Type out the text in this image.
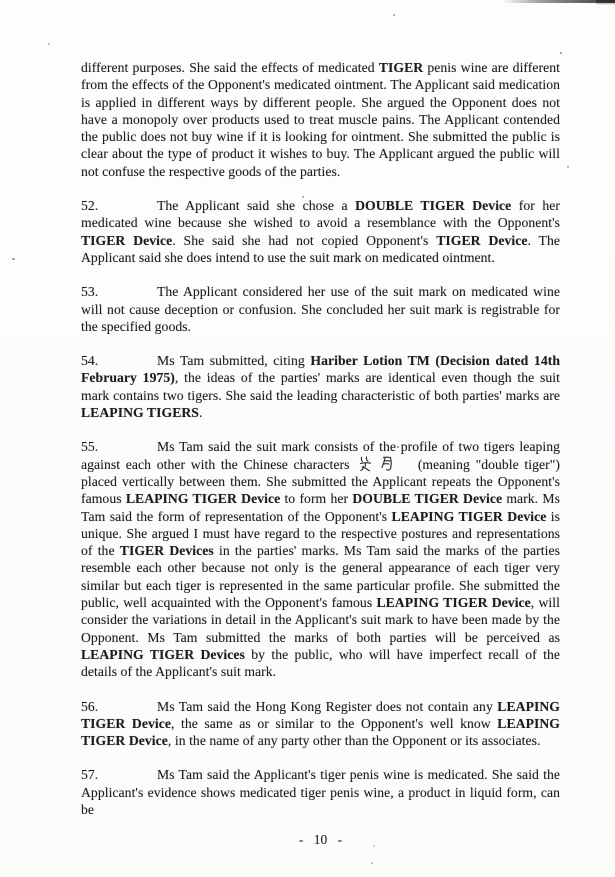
different purposes. She said the effects of medicated TIGER penis wine are different from the effects of the Opponent's medicated ointment. The Applicant said medication is applied in different ways by different people. She argued the Opponent does not have a monopoly over products used to treat muscle pains. The Applicant contended the public does not buy wine if it is looking for ointment. She submitted the public is clear about the type of product it wishes to buy. The Applicant argued the public will not confuse the respective goods of the parties.

52.	The Applicant said she chose a DOUBLE TIGER Device for her medicated wine because she wished to avoid a resemblance with the Opponent's TIGER Device. She said she had not copied Opponent's TIGER Device. The Applicant said she does intend to use the suit mark on medicated ointment.

53.	The Applicant considered her use of the suit mark on medicated wine will not cause deception or confusion. She concluded her suit mark is registrable for the specified goods.

54.	Ms Tam submitted, citing Hariber Lotion TM (Decision dated 14th February 1975), the ideas of the parties' marks are identical even though the suit mark contains two tigers. She said the leading characteristic of both parties' marks are LEAPING TIGERS.

55.	Ms Tam said the suit mark consists of the profile of two tigers leaping against each other with the Chinese characters	(meaning "double tiger") placed vertically between them. She submitted the Applicant repeats the Opponent's famous LEAPING TIGER Device to form her DOUBLE TIGER Device mark. Ms Tam said the form of representation of the Opponent's LEAPING TIGER Device is unique. She argued I must have regard to the respective postures and representations of the TIGER Devices in the parties' marks. Ms Tam said the marks of the parties resemble each other because not only is the general appearance of each tiger very similar but each tiger is represented in the same particular profile. She submitted the public, well acquainted with the Opponent's famous LEAPING TIGER Device, will consider the variations in detail in the Applicant's suit mark to have been made by the Opponent. Ms Tam submitted the marks of both parties will be perceived as LEAPING TIGER Devices by the public, who will have imperfect recall of the details of the Applicant's suit mark.

56.	Ms Tam said the Hong Kong Register does not contain any LEAPING TIGER Device, the same as or similar to the Opponent's well know LEAPING TIGER Device, in the name of any party other than the Opponent or its associates.

57.	Ms Tam said the Applicant's tiger penis wine is medicated. She said the Applicant's evidence shows medicated tiger penis wine, a product in liquid form, can be

- 10 -
